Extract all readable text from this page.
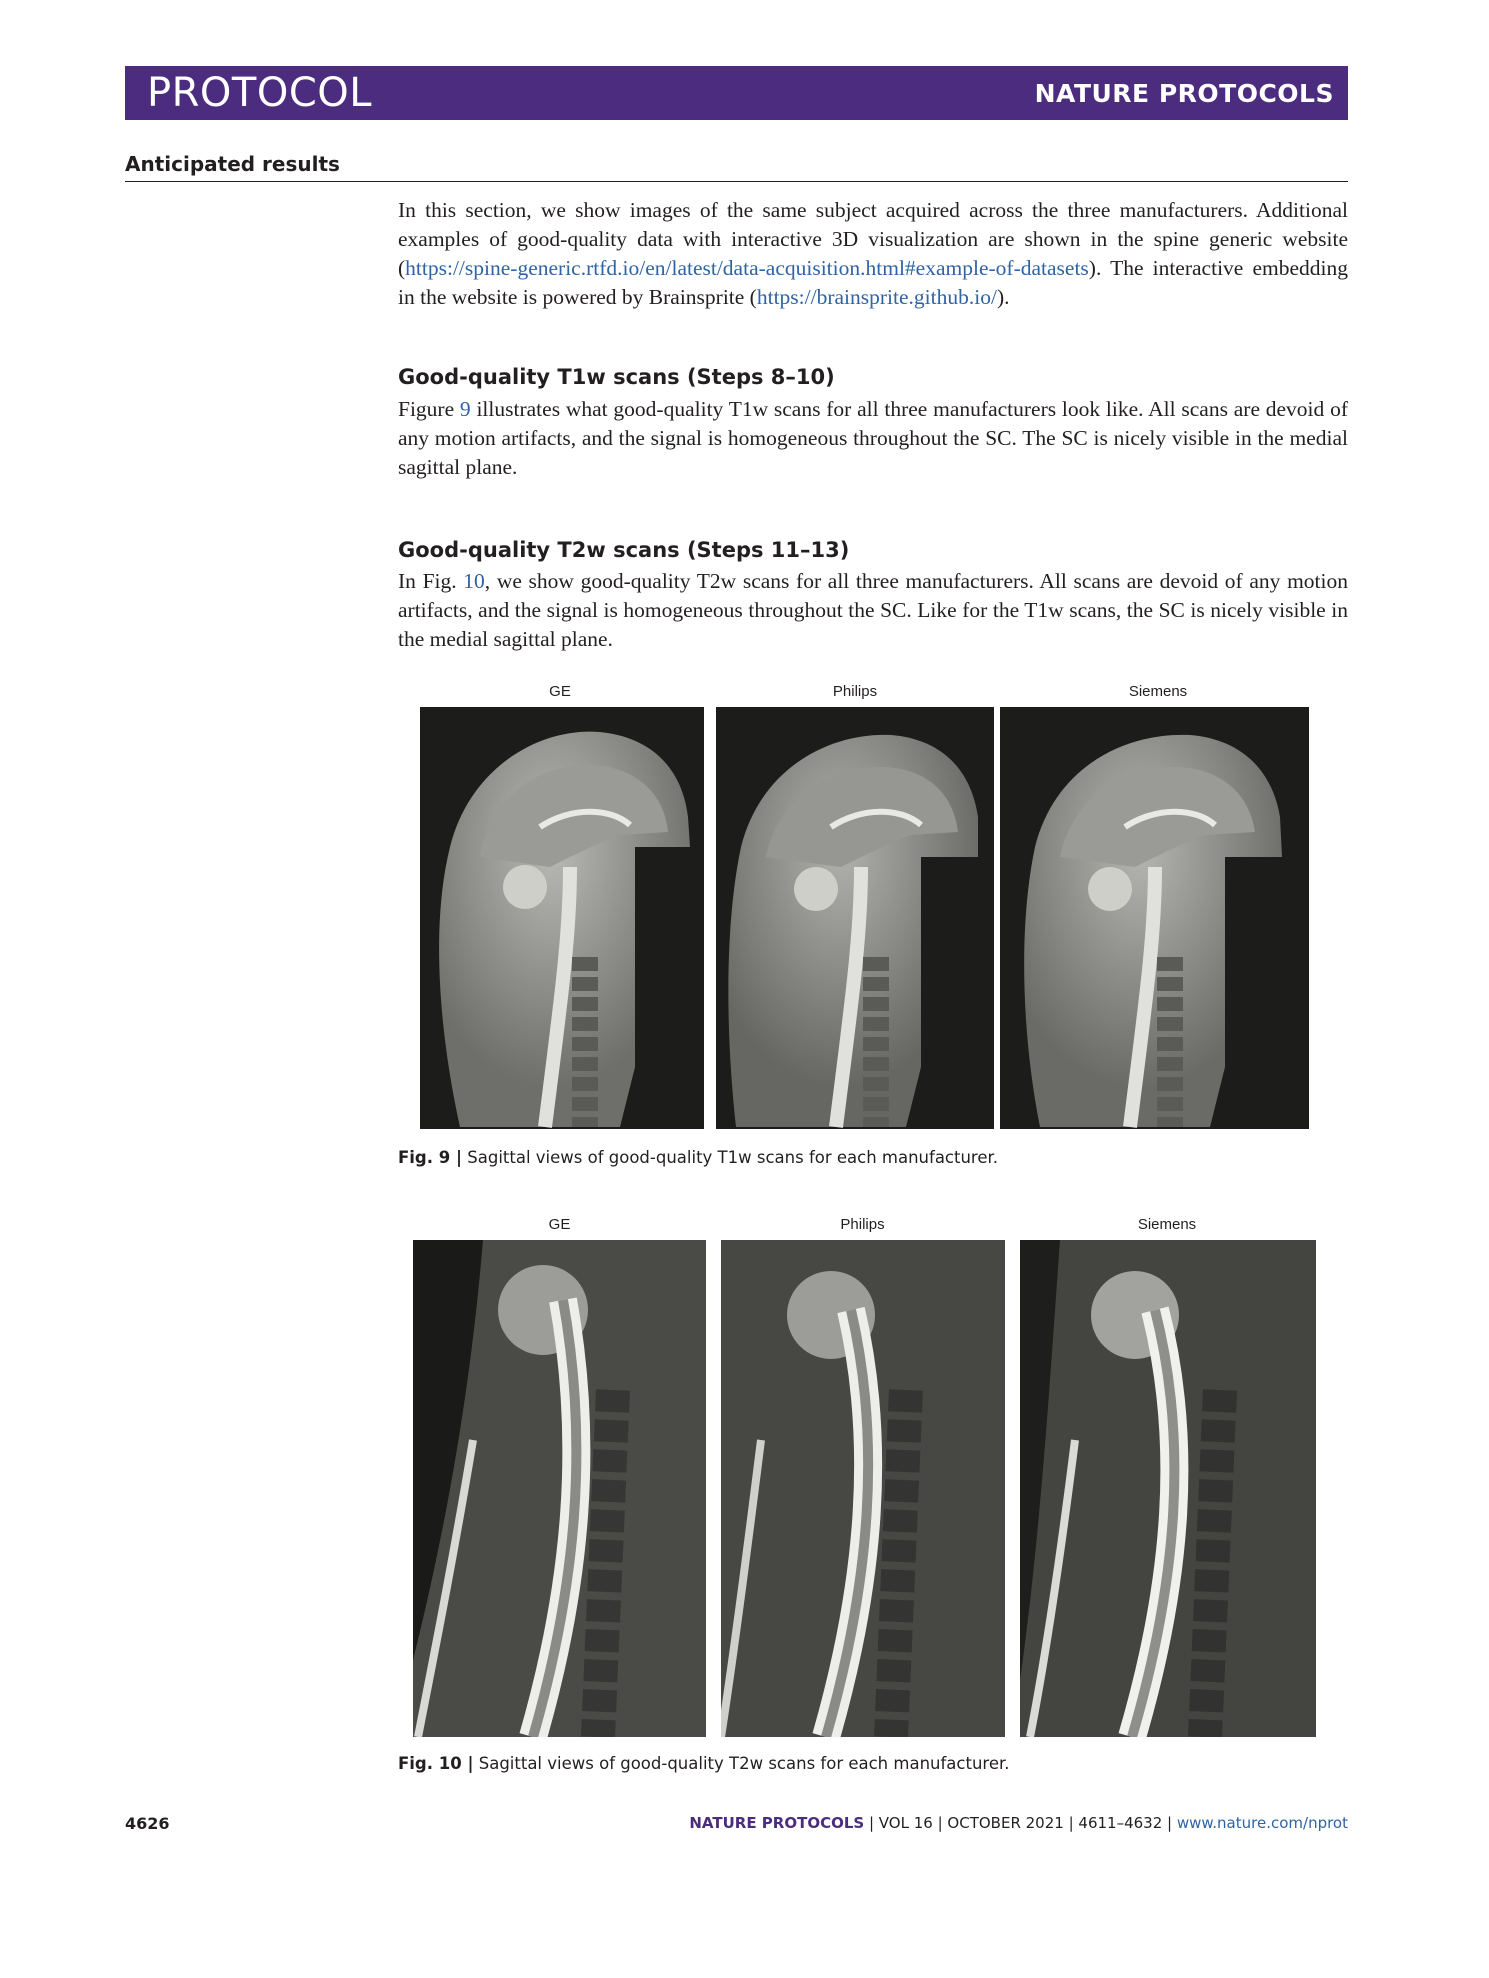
PROTOCOL	NATURE PROTOCOLS
Anticipated results
In this section, we show images of the same subject acquired across the three manufacturers. Additional examples of good-quality data with interactive 3D visualization are shown in the spine generic website (https://spine-generic.rtfd.io/en/latest/data-acquisition.html#example-of-datasets). The interactive embedding in the website is powered by Brainsprite (https://brainsprite.github.io/).
Good-quality T1w scans (Steps 8–10)
Figure 9 illustrates what good-quality T1w scans for all three manufacturers look like. All scans are devoid of any motion artifacts, and the signal is homogeneous throughout the SC. The SC is nicely visible in the medial sagittal plane.
Good-quality T2w scans (Steps 11–13)
In Fig. 10, we show good-quality T2w scans for all three manufacturers. All scans are devoid of any motion artifacts, and the signal is homogeneous throughout the SC. Like for the T1w scans, the SC is nicely visible in the medial sagittal plane.
GE	Philips	Siemens
Fig. 9 | Sagittal views of good-quality T1w scans for each manufacturer.
GE	Philips	Siemens
Fig. 10 | Sagittal views of good-quality T2w scans for each manufacturer.
4626	NATURE PROTOCOLS | VOL 16 | OCTOBER 2021 | 4611–4632 | www.nature.com/nprot
